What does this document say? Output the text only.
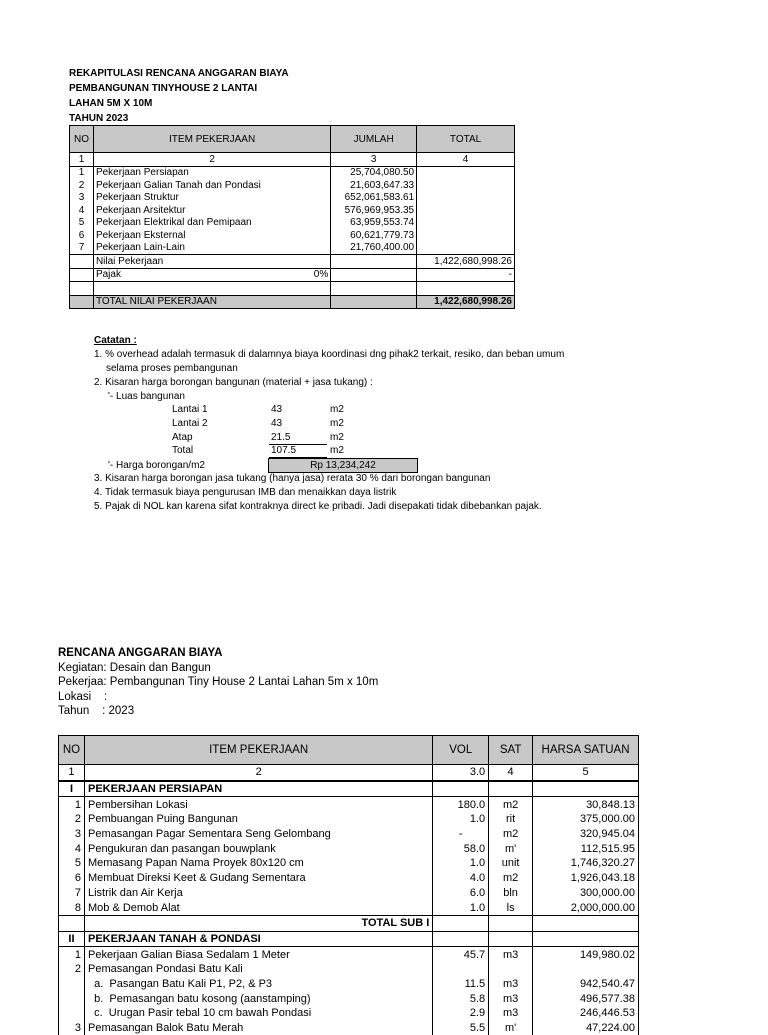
REKAPITULASI RENCANA ANGGARAN BIAYA
PEMBANGUNAN TINYHOUSE 2 LANTAI
LAHAN 5M X 10M
TAHUN 2023
NO	ITEM PEKERJAAN	JUMLAH	TOTAL
1	2	3	4
1	Pekerjaan Persiapan	25,704,080.50	
2	Pekerjaan Galian Tanah dan Pondasi	21,603,647.33	
3	Pekerjaan Struktur	652,061,583.61	
4	Pekerjaan Arsitektur	576,969,953.35	
5	Pekerjaan Elektrikal dan Pemipaan	63,959,553.74	
6	Pekerjaan Eksternal	60,621,779.73	
7	Pekerjaan Lain-Lain	21,760,400.00	
	Nilai Pekerjaan		1,422,680,998.26
	Pajak 0%		-

	TOTAL NILAI PEKERJAAN		1,422,680,998.26
Catatan :
1. % overhead adalah termasuk di dalamnya biaya koordinasi dng pihak2 terkait, resiko, dan beban umum
selama proses pembangunan
2. Kisaran harga borongan bangunan (material + jasa tukang) :
'- Luas bangunan
Lantai 1	43	m2
Lantai 2	43	m2
Atap	21.5	m2
Total	107.5	m2
'- Harga borongan/m2	Rp 13,234,242
3. Kisaran harga borongan jasa tukang (hanya jasa) rerata 30 % dari borongan bangunan
4. Tidak termasuk biaya pengurusan IMB dan menaikkan daya listrik
5. Pajak di NOL kan karena sifat kontraknya direct ke pribadi. Jadi disepakati tidak dibebankan pajak.
RENCANA ANGGARAN BIAYA
Kegiatan: Desain dan Bangun
Pekerjaa: Pembangunan Tiny House 2 Lantai Lahan 5m x 10m
Lokasi    :
Tahun    : 2023
NO	ITEM PEKERJAAN	VOL	SAT	HARSA SATUAN
1	2	3.0	4	5
I	PEKERJAAN PERSIAPAN			
1	Pembersihan Lokasi	180.0	m2	30,848.13
2	Pembuangan Puing Bangunan	1.0	rit	375,000.00
3	Pemasangan Pagar Sementara Seng Gelombang	-	m2	320,945.04
4	Pengukuran dan pasangan bouwplank	58.0	m'	112,515.95
5	Memasang Papan Nama Proyek 80x120 cm	1.0	unit	1,746,320.27
6	Membuat Direksi Keet & Gudang Sementara	4.0	m2	1,926,043.18
7	Listrik dan Air Kerja	6.0	bln	300,000.00
8	Mob & Demob Alat	1.0	ls	2,000,000.00
	TOTAL SUB I			
II	PEKERJAAN TANAH & PONDASI			
1	Pekerjaan Galian Biasa Sedalam 1 Meter	45.7	m3	149,980.02
2	Pemasangan Pondasi Batu Kali			
	a.  Pasangan Batu Kali P1, P2, & P3	11.5	m3	942,540.47
	b.  Pemasangan batu kosong (aanstamping)	5.8	m3	496,577.38
	c.  Urugan Pasir tebal 10 cm bawah Pondasi	2.9	m3	246,446.53
3	Pemasangan Balok Batu Merah	5.5	m'	47,224.00
